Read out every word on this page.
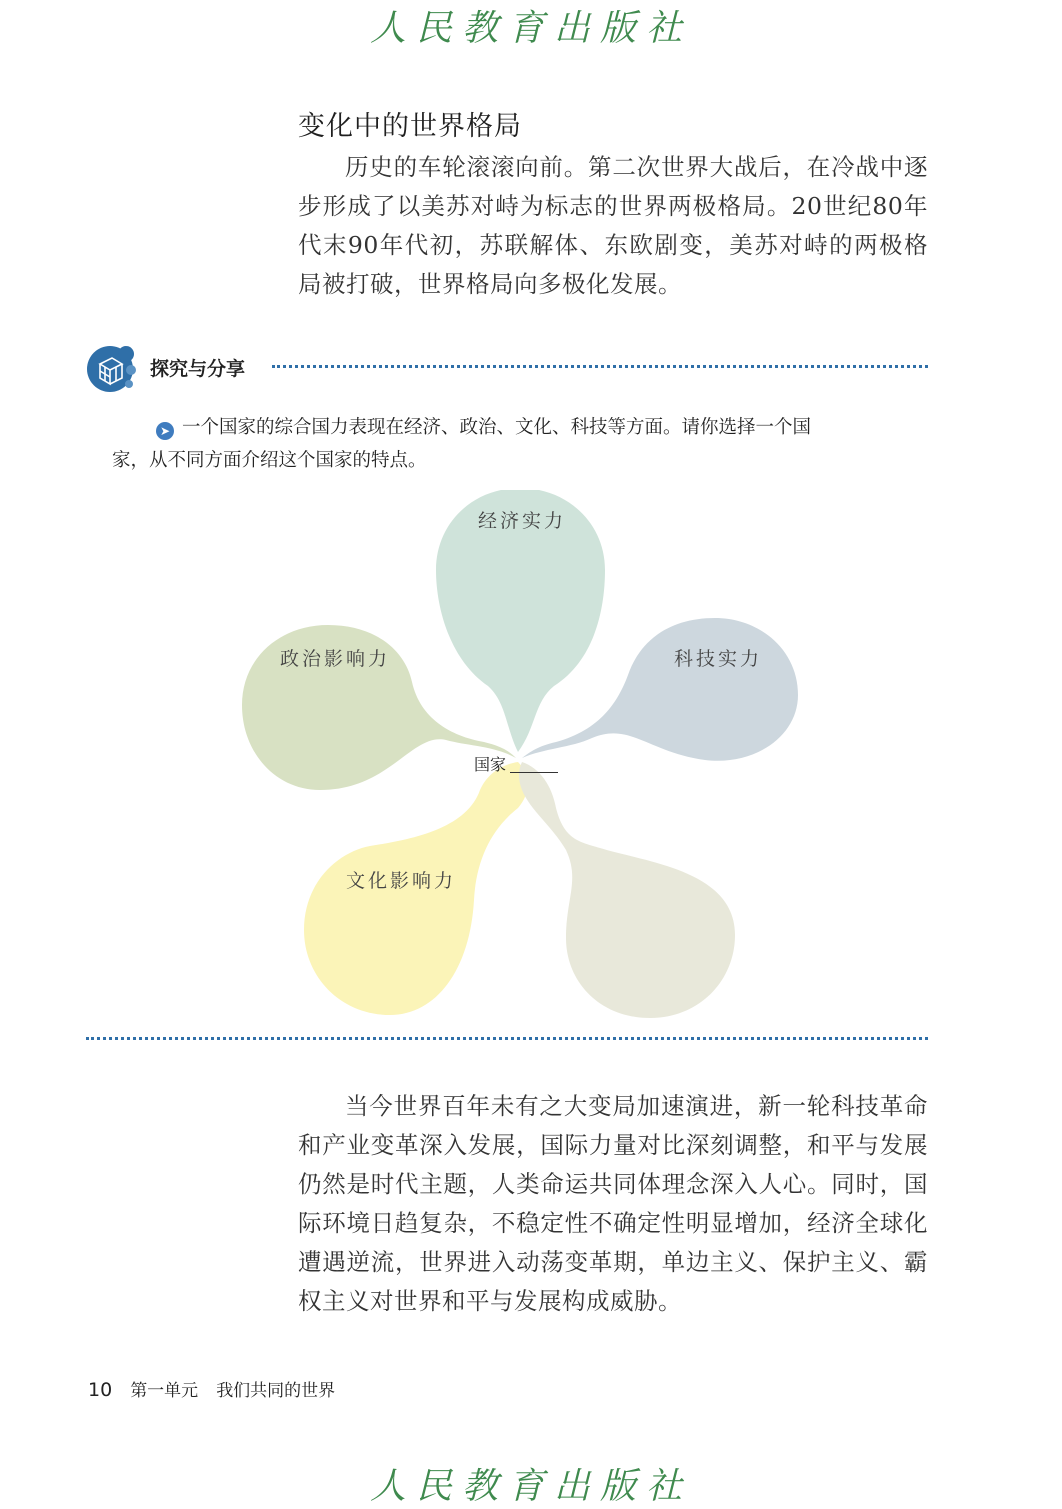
人民教育出版社
变化中的世界格局

历史的车轮滚滚向前。第二次世界大战后，在冷战中逐步形成了以美苏对峙为标志的世界两极格局。20世纪80年代末90年代初，苏联解体、东欧剧变，美苏对峙的两极格局被打破，世界格局向多极化发展。

探究与分享
➤ 一个国家的综合国力表现在经济、政治、文化、科技等方面。请你选择一个国
家，从不同方面介绍这个国家的特点。
经济实力
科技实力
政治影响力
文化影响力
国家

当今世界百年未有之大变局加速演进，新一轮科技革命和产业变革深入发展，国际力量对比深刻调整，和平与发展仍然是时代主题，人类命运共同体理念深入人心。同时，国际环境日趋复杂，不稳定性不确定性明显增加，经济全球化遭遇逆流，世界进入动荡变革期，单边主义、保护主义、霸权主义对世界和平与发展构成威胁。

10 第一单元 我们共同的世界
人民教育出版社
